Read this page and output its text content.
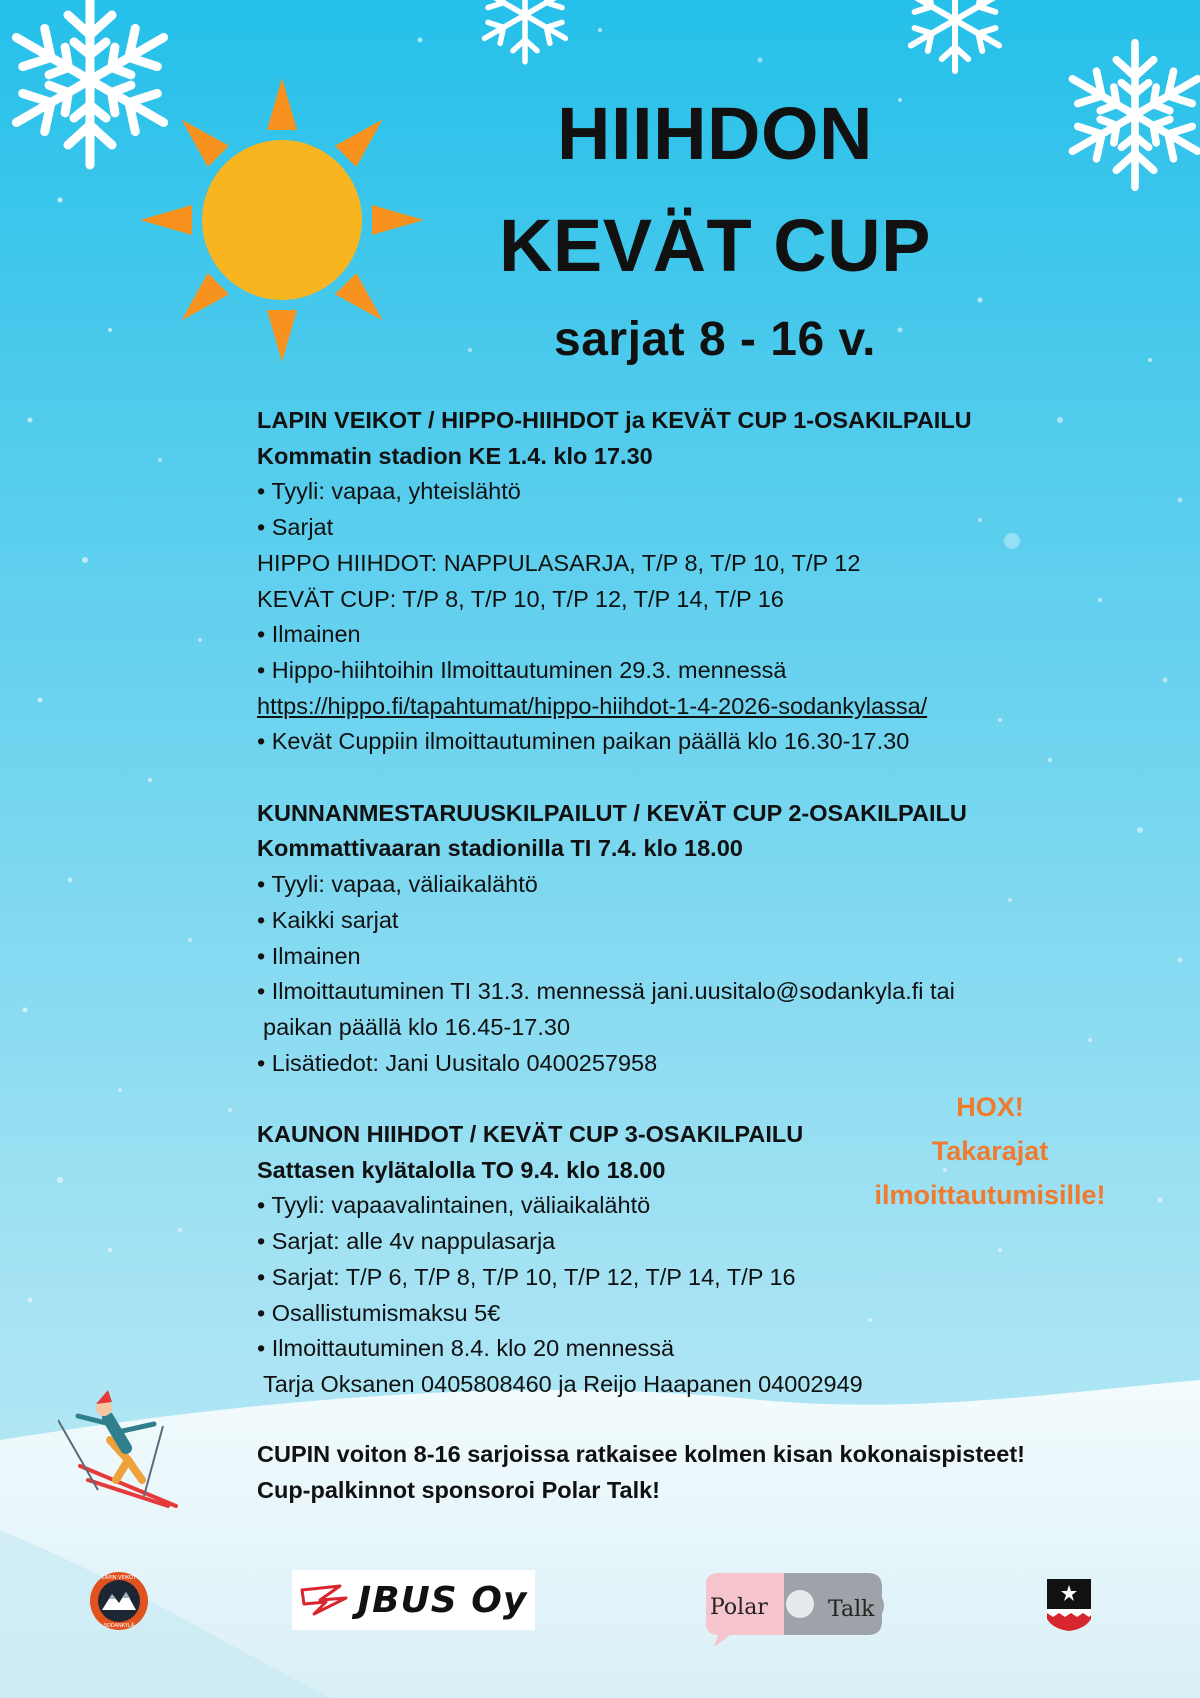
HIIHDON
KEVÄT CUP
sarjat 8 - 16 v.
LAPIN VEIKOT / HIPPO-HIIHDOT ja KEVÄT CUP 1-OSAKILPAILU
Kommatin stadion KE 1.4. klo 17.30
• Tyyli: vapaa, yhteislähtö
• Sarjat
HIPPO HIIHDOT: NAPPULASARJA, T/P 8, T/P 10, T/P 12
KEVÄT CUP: T/P 8, T/P 10, T/P 12, T/P 14, T/P 16
• Ilmainen
• Hippo-hiihtoihin Ilmoittautuminen 29.3. mennessä
https://hippo.fi/tapahtumat/hippo-hiihdot-1-4-2026-sodankylassa/
• Kevät Cuppiin ilmoittautuminen paikan päällä klo 16.30-17.30
KUNNANMESTARUUSKILPAILUT / KEVÄT CUP 2-OSAKILPAILU
Kommattivaaran stadionilla TI 7.4. klo 18.00
• Tyyli: vapaa, väliaikalähtö
• Kaikki sarjat
• Ilmainen
• Ilmoittautuminen TI 31.3. mennessä jani.uusitalo@sodankyla.fi tai
paikan päällä klo 16.45-17.30
• Lisätiedot: Jani Uusitalo 0400257958
KAUNON HIIHDOT / KEVÄT CUP 3-OSAKILPAILU
Sattasen kylätalolla TO 9.4. klo 18.00
• Tyyli: vapaavalintainen, väliaikalähtö
• Sarjat: alle 4v nappulasarja
• Sarjat: T/P 6, T/P 8, T/P 10, T/P 12, T/P 14, T/P 16
• Osallistumismaksu 5€
• Ilmoittautuminen 8.4. klo 20 mennessä
Tarja Oksanen 0405808460 ja Reijo Haapanen 04002949
HOX!
Takarajat
ilmoittautumisille!
CUPIN voiton 8-16 sarjoissa ratkaisee kolmen kisan kokonaispisteet!
Cup-palkinnot sponsoroi Polar Talk!
LAPIN VEIKOT
SODANKYLÄ
JBUS Oy	Polar	Talk
